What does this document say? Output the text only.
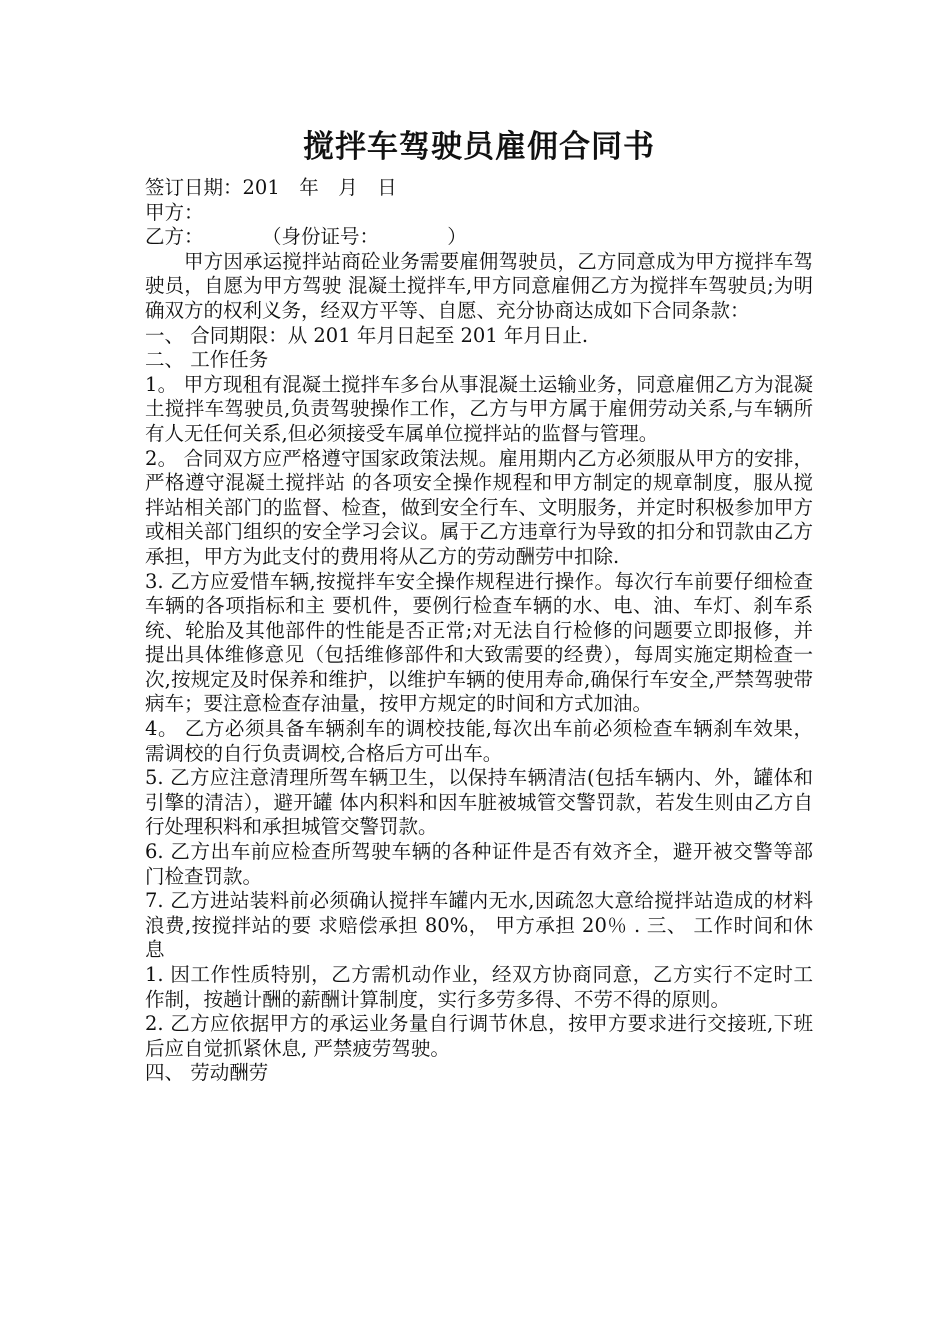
搅拌车驾驶员雇佣合同书

签订日期：201　年　月　日

甲方：

乙方：　　　　（身份证号：　　　　）

甲方因承运搅拌站商砼业务需要雇佣驾驶员，乙方同意成为甲方搅拌车驾驶员，自愿为甲方驾驶 混凝土搅拌车,甲方同意雇佣乙方为搅拌车驾驶员;为明确双方的权利义务，经双方平等、自愿、充分协商达成如下合同条款：

一、 合同期限：从 201 年月日起至 201 年月日止.

二、 工作任务

1。 甲方现租有混凝土搅拌车多台从事混凝土运输业务，同意雇佣乙方为混凝土搅拌车驾驶员,负责驾驶操作工作，乙方与甲方属于雇佣劳动关系,与车辆所有人无任何关系,但必须接受车属单位搅拌站的监督与管理。

2。 合同双方应严格遵守国家政策法规。雇用期内乙方必须服从甲方的安排，严格遵守混凝土搅拌站 的各项安全操作规程和甲方制定的规章制度，服从搅拌站相关部门的监督、检查，做到安全行车、文明服务，并定时积极参加甲方或相关部门组织的安全学习会议。属于乙方违章行为导致的扣分和罚款由乙方承担，甲方为此支付的费用将从乙方的劳动酬劳中扣除.

3. 乙方应爱惜车辆,按搅拌车安全操作规程进行操作。每次行车前要仔细检查车辆的各项指标和主 要机件，要例行检查车辆的水、电、油、车灯、刹车系统、轮胎及其他部件的性能是否正常;对无法自行检修的问题要立即报修，并提出具体维修意见（包括维修部件和大致需要的经费），每周实施定期检查一次,按规定及时保养和维护，以维护车辆的使用寿命,确保行车安全,严禁驾驶带病车；要注意检查存油量，按甲方规定的时间和方式加油。

4。 乙方必须具备车辆刹车的调校技能,每次出车前必须检查车辆刹车效果，需调校的自行负责调校,合格后方可出车。

5. 乙方应注意清理所驾车辆卫生，以保持车辆清洁(包括车辆内、外，罐体和引擎的清洁），避开罐 体内积料和因车脏被城管交警罚款，若发生则由乙方自行处理积料和承担城管交警罚款。

6. 乙方出车前应检查所驾驶车辆的各种证件是否有效齐全，避开被交警等部门检查罚款。

7. 乙方进站装料前必须确认搅拌车罐内无水,因疏忽大意给搅拌站造成的材料浪费,按搅拌站的要 求赔偿承担 80%， 甲方承担 20％ . 三、 工作时间和休息

1. 因工作性质特别，乙方需机动作业，经双方协商同意，乙方实行不定时工作制，按趟计酬的薪酬计算制度，实行多劳多得、不劳不得的原则。

2. 乙方应依据甲方的承运业务量自行调节休息，按甲方要求进行交接班,下班后应自觉抓紧休息, 严禁疲劳驾驶。

四、 劳动酬劳
